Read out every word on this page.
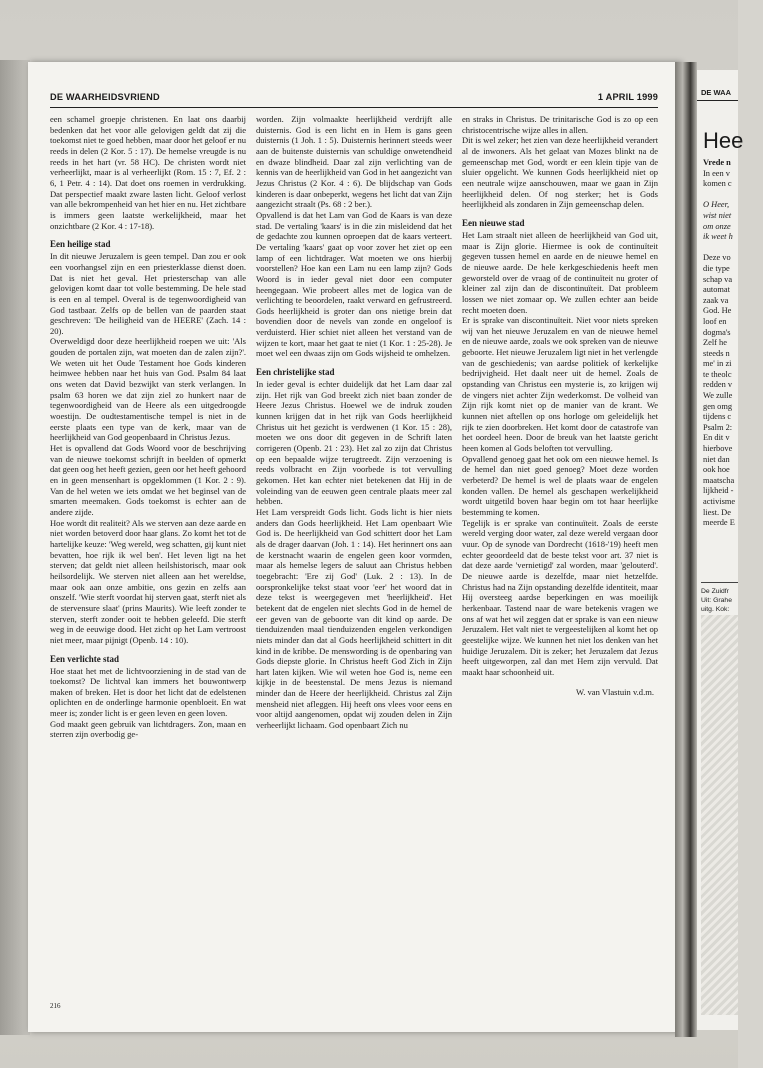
DE WAARHEIDSVRIEND	1 APRIL 1999

een schamel groepje christenen. En laat ons daarbij bedenken dat het voor alle gelovigen geldt dat zij die toekomst niet te goed hebben, maar door het geloof er nu reeds in delen (2 Kor. 5 : 17). De hemelse vreugde is nu reeds in het hart (vr. 58 HC). De christen wordt niet verheerlijkt, maar is al verheerlijkt (Rom. 15 : 7, Ef. 2 : 6, 1 Petr. 4 : 14). Dat doet ons roemen in verdrukking. Dat perspectief maakt zware lasten licht. Geloof verlost van alle bekrompenheid van het hier en nu. Het zichtbare is immers geen laatste werkelijkheid, maar het onzichtbare (2 Kor. 4 : 17-18).

Een heilige stad

In dit nieuwe Jeruzalem is geen tempel. Dan zou er ook een voorhangsel zijn en een priesterklasse dienst doen. Dat is niet het geval. Het priesterschap van alle gelovigen komt daar tot volle bestemming. De hele stad is een en al tempel. Overal is de tegenwoordigheid van God tastbaar. Zelfs op de bellen van de paarden staat geschreven: 'De heiligheid van de HEERE' (Zach. 14 : 20).

Overweldigd door deze heerlijkheid roepen we uit: 'Als gouden de portalen zijn, wat moeten dan de zalen zijn?'. We weten uit het Oude Testament hoe Gods kinderen heimwee hebben naar het huis van God. Psalm 84 laat ons weten dat David bezwijkt van sterk verlangen. In psalm 63 horen we dat zijn ziel zo hunkert naar de tegenwoordigheid van de Heere als een uitgedroogde woestijn. De oudtestamentische tempel is niet in de eerste plaats een type van de kerk, maar van de heerlijkheid van God geopenbaard in Christus Jezus.

Het is opvallend dat Gods Woord voor de beschrijving van de nieuwe toekomst schrijft in beelden of opmerkt dat geen oog het heeft gezien, geen oor het heeft gehoord en in geen mensenhart is opgeklommen (1 Kor. 2 : 9). Van de hel weten we iets omdat we het beginsel van de smarten meemaken. Gods toekomst is echter aan de andere zijde.

Hoe wordt dit realiteit? Als we sterven aan deze aarde en niet worden betoverd door haar glans. Zo komt het tot de hartelijke keuze: 'Weg wereld, weg schatten, gij kunt niet bevatten, hoe rijk ik wel ben'. Het leven ligt na het sterven; dat geldt niet alleen heilshistorisch, maar ook heilsordelijk. We sterven niet alleen aan het wereldse, maar ook aan onze ambitie, ons gezin en zelfs aan onszelf. 'Wie sterft voordat hij sterven gaat, sterft niet als de stervensure slaat' (prins Maurits). Wie leeft zonder te sterven, sterft zonder ooit te hebben geleefd. Die sterft weg in de eeuwige dood. Het zicht op het Lam vertroost niet meer, maar pijnigt (Openb. 14 : 10).

Een verlichte stad

Hoe staat het met de lichtvoorziening in de stad van de toekomst? De lichtval kan immers het bouwontwerp maken of breken. Het is door het licht dat de edelstenen oplichten en de onderlinge harmonie openbloeit. En wat meer is; zonder licht is er geen leven en geen loven.

God maakt geen gebruik van lichtdragers. Zon, maan en sterren zijn overbodig ge-

worden. Zijn volmaakte heerlijkheid verdrijft alle duisternis. God is een licht en in Hem is gans geen duisternis (1 Joh. 1 : 5). Duisternis herinnert steeds weer aan de buitenste duisternis van schuldige onwetendheid en dwaze blindheid. Daar zal zijn verlichting van de kennis van de heerlijkheid van God in het aangezicht van Jezus Christus (2 Kor. 4 : 6). De blijdschap van Gods kinderen is daar onbeperkt, wegens het licht dat van Zijn aangezicht straalt (Ps. 68 : 2 ber.).

Opvallend is dat het Lam van God de Kaars is van deze stad. De vertaling 'kaars' is in die zin misleidend dat het de gedachte zou kunnen oproepen dat de kaars verteert. De vertaling 'kaars' gaat op voor zover het ziet op een lamp of een lichtdrager. Wat moeten we ons hierbij voorstellen? Hoe kan een Lam nu een lamp zijn? Gods Woord is in ieder geval niet door een computer heengegaan. Wie probeert alles met de logica van de verlichting te beoordelen, raakt verward en gefrustreerd. Gods heerlijkheid is groter dan ons nietige brein dat bovendien door de nevels van zonde en ongeloof is verduisterd. Hier schiet niet alleen het verstand van de wijzen te kort, maar het gaat te niet (1 Kor. 1 : 25-28). Je moet wel een dwaas zijn om Gods wijsheid te omhelzen.

Een christelijke stad

In ieder geval is echter duidelijk dat het Lam daar zal zijn. Het rijk van God breekt zich niet baan zonder de Heere Jezus Christus. Hoewel we de indruk zouden kunnen krijgen dat in het rijk van Gods heerlijkheid Christus uit het gezicht is verdwenen (1 Kor. 15 : 28), moeten we ons door dit gegeven in de Schrift laten corrigeren (Openb. 21 : 23). Het zal zo zijn dat Christus op een bepaalde wijze terugtreedt. Zijn verzoening is reeds volbracht en Zijn voorbede is tot vervulling gekomen. Het kan echter niet betekenen dat Hij in de voleinding van de eeuwen geen centrale plaats meer zal hebben.

Het Lam verspreidt Gods licht. Gods licht is hier niets anders dan Gods heerlijkheid. Het Lam openbaart Wie God is. De heerlijkheid van God schittert door het Lam als de drager daarvan (Joh. 1 : 14). Het herinnert ons aan de kerstnacht waarin de engelen geen koor vormden, maar als hemelse legers de saluut aan Christus hebben toegebracht: 'Ere zij God' (Luk. 2 : 13). In de oorspronkelijke tekst staat voor 'eer' het woord dat in deze tekst is weergegeven met 'heerlijkheid'. Het betekent dat de engelen niet slechts God in de hemel de eer geven van de geboorte van dit kind op aarde. De tienduizenden maal tienduizenden engelen verkondigen niets minder dan dat al Gods heerlijkheid schittert in dit kind in de kribbe. De menswording is de openbaring van Gods diepste glorie. In Christus heeft God Zich in Zijn hart laten kijken. Wie wil weten hoe God is, neme een kijkje in de beestenstal. De mens Jezus is niemand minder dan de Heere der heerlijkheid. Christus zal Zijn mensheid niet afleggen. Hij heeft ons vlees voor eens en voor altijd aangenomen, opdat wij zouden delen in Zijn verheerlijkt lichaam. God openbaart Zich nu

en straks in Christus. De trinitarische God is zo op een christocentrische wijze alles in allen.

Dit is wel zeker; het zien van deze heerlijkheid verandert al de inwoners. Als het gelaat van Mozes blinkt na de gemeenschap met God, wordt er een klein tipje van de sluier opgelicht. We kunnen Gods heerlijkheid niet op een neutrale wijze aanschouwen, maar we gaan in Zijn heerlijkheid delen. Of nog sterker; het is Gods heerlijkheid als zondaren in Zijn gemeenschap delen.

Een nieuwe stad

Het Lam straalt niet alleen de heerlijkheid van God uit, maar is Zijn glorie. Hiermee is ook de continuïteit gegeven tussen hemel en aarde en de nieuwe hemel en de nieuwe aarde. De hele kerkgeschiedenis heeft men geworsteld over de vraag of de continuïteit nu groter of kleiner zal zijn dan de discontinuïteit. Dat probleem lossen we niet zomaar op. We zullen echter aan beide recht moeten doen.

Er is sprake van discontinuïteit. Niet voor niets spreken wij van het nieuwe Jeruzalem en van de nieuwe hemel en de nieuwe aarde, zoals we ook spreken van de nieuwe geboorte. Het nieuwe Jeruzalem ligt niet in het verlengde van de geschiedenis; van aardse politiek of kerkelijke bedrijvigheid. Het daalt neer uit de hemel. Zoals de opstanding van Christus een mysterie is, zo krijgen wij de vingers niet achter Zijn wederkomst. De volheid van Zijn rijk komt niet op de manier van de krant. We kunnen niet aftellen op ons horloge om geleidelijk het rijk te zien doorbreken. Het komt door de catastrofe van het oordeel heen. Door de breuk van het laatste gericht heen komen al Gods beloften tot vervulling.

Opvallend genoeg gaat het ook om een nieuwe hemel. Is de hemel dan niet goed genoeg? Moet deze worden verbeterd? De hemel is wel de plaats waar de engelen konden vallen. De hemel als geschapen werkelijkheid wordt uitgetild boven haar begin om tot haar heerlijke bestemming te komen.

Tegelijk is er sprake van continuïteit. Zoals de eerste wereld verging door water, zal deze wereld vergaan door vuur. Op de synode van Dordrecht (1618-'19) heeft men echter geoordeeld dat de beste tekst voor art. 37 niet is dat deze aarde 'vernietigd' zal worden, maar 'gelouterd'. De nieuwe aarde is dezelfde, maar niet hetzelfde. Christus had na Zijn opstanding dezelfde identiteit, maar Hij oversteeg aardse beperkingen en was moeilijk herkenbaar. Tastend naar de ware betekenis vragen we ons af wat het wil zeggen dat er sprake is van een nieuw Jeruzalem. Het valt niet te vergeestelijken al komt het op geestelijke wijze. We kunnen het niet los denken van het huidige Jeruzalem. Dit is zeker; het Jeruzalem dat Jezus heeft uitgeworpen, zal dan met Hem zijn vervuld. Dat maakt haar schoonheid uit.

W. van Vlastuin v.d.m.

216
DE WAA
Hee
Vrede n
In een v
komen c

O Heer,
wist niet
om onze
ik weet h

Deze vo
die type
schap va
automat
zaak va
God. He
loof en
dogma's
Zelf he
steeds n
me' in zi
te theolc
redden v
We zulle
gen omg
tijdens c
Psalm 2:
En dit v
hierbove
niet dan
ook hoe
maatscha
lijkheid -
activisme
liest. De
meerde E
De Zuidfr
Uit: Grahe
uitg. Kok:
